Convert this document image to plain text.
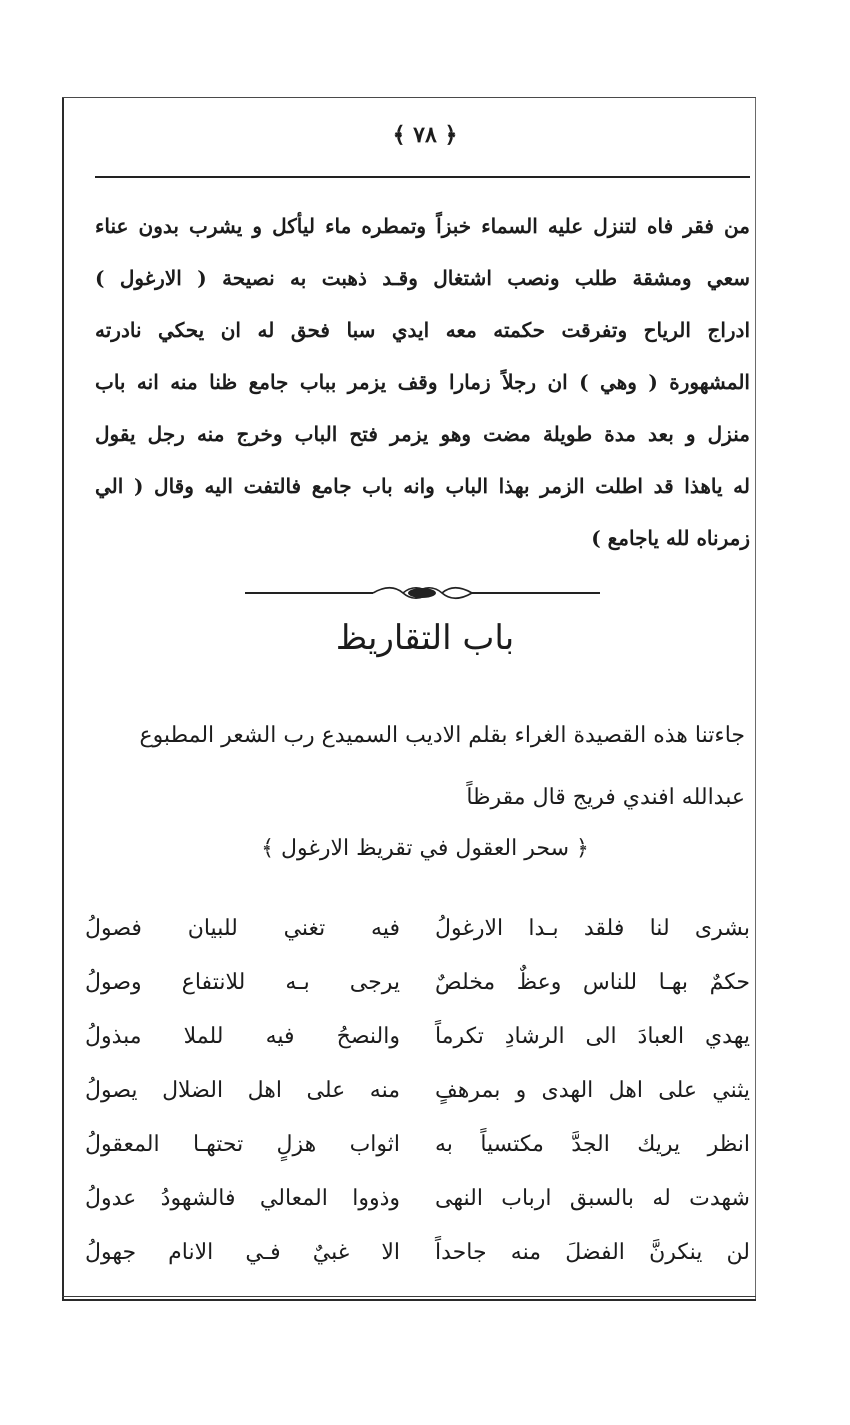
﴿ ٧٨ ﴾
من فقر فاه لتنزل عليه السماء خبزاً وتمطره ماء ليأكل و يشرب بدون عناء
سعي ومشقة طلب ونصب اشتغال وقـد ذهبت به نصيحة ( الارغول )
ادراج الرياح وتفرقت حكمته معه ايدي سبا فحق له ان يحكي نادرته
المشهورة ( وهي ) ان رجلاً زمارا وقف يزمر بباب جامع ظنا منه انه باب
منزل و بعد مدة طويلة مضت وهو يزمر فتح الباب وخرج منه رجل يقول
له ياهذا قد اطلت الزمر بهذا الباب وانه باب جامع فالتفت اليه وقال ( الي
زمرناه لله ياجامع )
باب التقاريظ
جاءتنا هذه القصيدة الغراء بقلم الاديب السميدع رب الشعر المطبوع
عبدالله افندي فريج قال مقرظاً
﴿ سحر العقول في تقريظ الارغول ﴾
بشرى لنا فلقد بـدا الارغولُ
فيه تغني للبيان فصولُ
حكمٌ بهـا للناس وعظٌ مخلصٌ
يرجى بـه للانتفاع وصولُ
يهدي العبادَ الى الرشادِ تكرماً
والنصحُ فيه للملا مبذولُ
يثني على اهل الهدى و بمرهفٍ
منه على اهل الضلال يصولُ
انظر يريك الجدَّ مكتسياً به
اثواب هزلٍ تحتهـا المعقولُ
شهدت له بالسبق ارباب النهى
وذووا المعالي فالشهودُ عدولُ
لن ينكرنَّ الفضلَ منه جاحداً
الا غبيٌ فـي الانام جهولُ
